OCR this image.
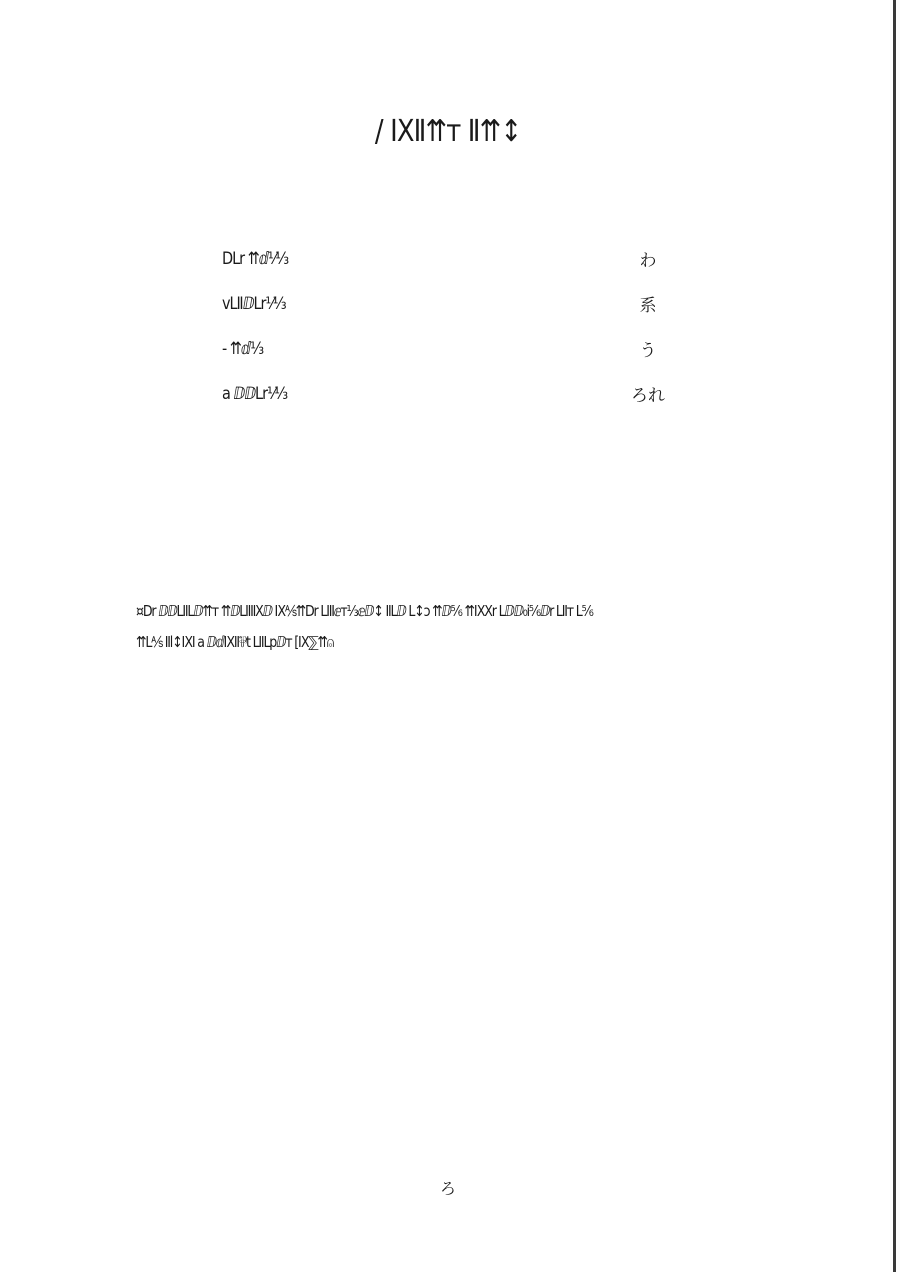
/ IXⅡ⇈т Ⅱ⇈↕
DⅬr ⇈ⅆ⅟⅓	わ
vⅬⅡⅅⅬr⅟⅓	系
- ⇈ⅆ⅓	う
a ⅅⅅⅬr⅟⅓	ろれ
¤Ⅾr ⅅⅅⅬⅡⅬⅅ⇈т ⇈ⅅⅬⅡⅡXⅅ Ⅸ⅍⇈Ⅾr ⅬⅡⅠⅇт⅓ⅇⅅ↕ ⅡⅬⅅ Ⅼ↕ↄ ⇈ⅅ⅚ ⇈ⅨⅩr Ⅼⅅⅅ₀i⅚ⅅr ⅬⅡт Ⅼ⅚
⇈Ⅼ⅍ Ⅱⅼ↕ⅨⅠ a ⅅⅆⅨⅡ⅌t ⅬⅡⅬpⅅт [Ⅸ⅀⇈⍝
ろ
